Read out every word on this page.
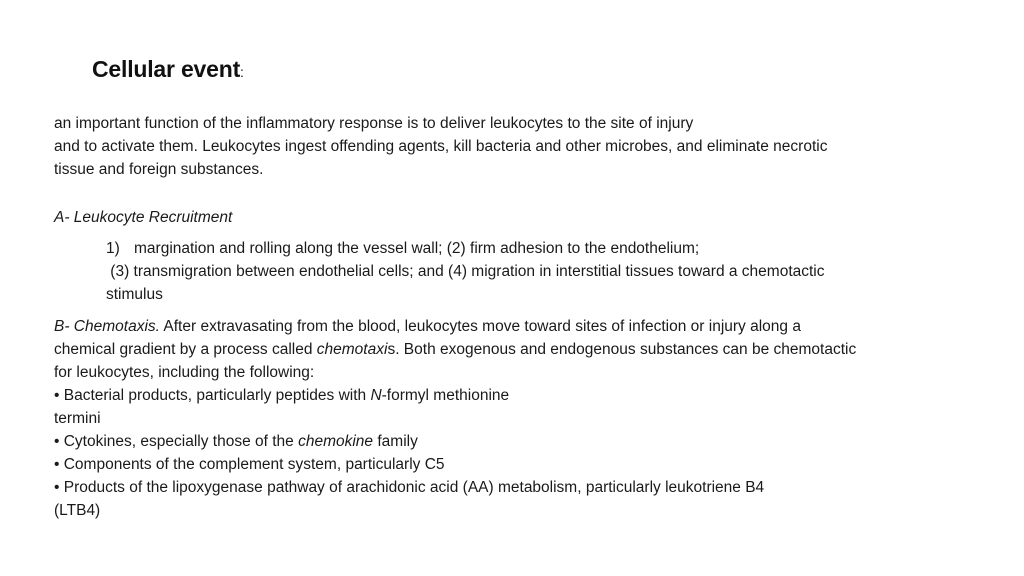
Cellular event:
an important function of the inflammatory response is to deliver leukocytes to the site of injury
and to activate them. Leukocytes ingest offending agents, kill bacteria and other microbes, and eliminate necrotic
tissue and foreign substances.
A- Leukocyte Recruitment
1) margination and rolling along the vessel wall; (2) firm adhesion to the endothelium;
(3) transmigration between endothelial cells; and (4) migration in interstitial tissues toward a chemotactic
stimulus
B- Chemotaxis. After extravasating from the blood, leukocytes move toward sites of infection or injury along a
chemical gradient by a process called chemotaxis. Both exogenous and endogenous substances can be chemotactic
for leukocytes, including the following:
• Bacterial products, particularly peptides with N-formyl methionine
termini
• Cytokines, especially those of the chemokine family
• Components of the complement system, particularly C5
• Products of the lipoxygenase pathway of arachidonic acid (AA) metabolism, particularly leukotriene B4
(LTB4)
